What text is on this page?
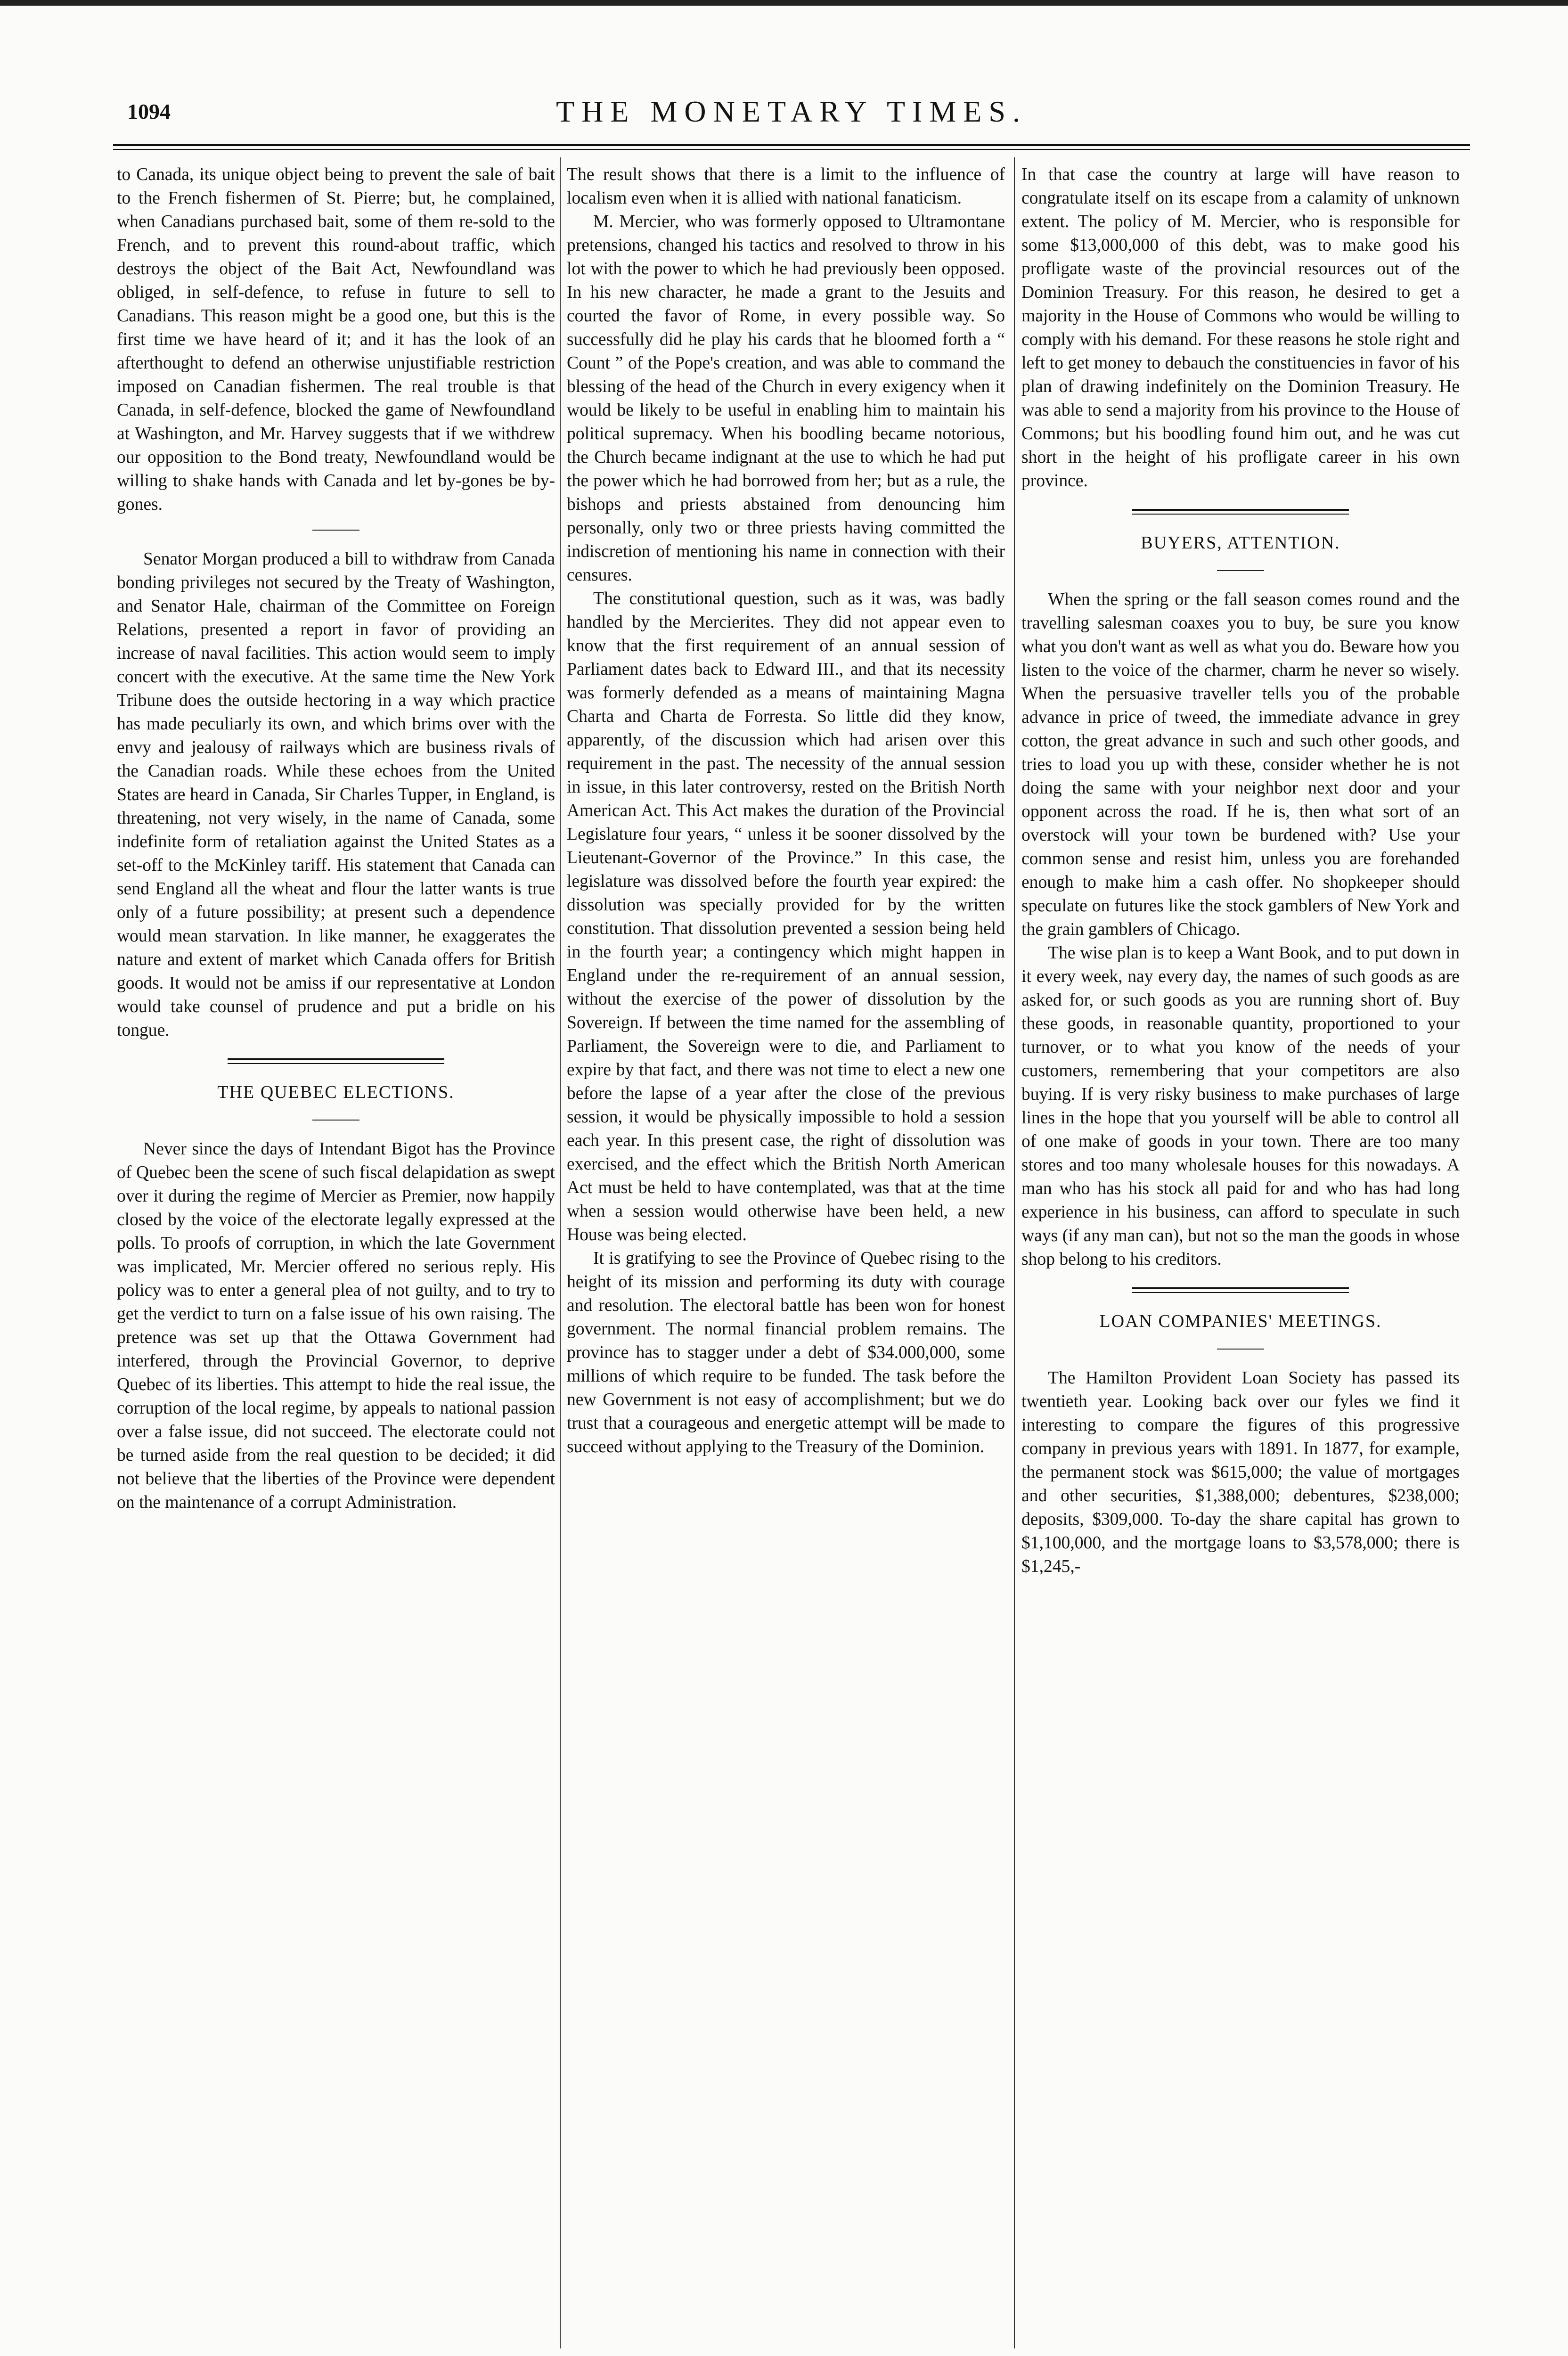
1094	THE MONETARY TIMES.

to Canada, its unique object being to prevent the sale of bait to the French fishermen of St. Pierre; but, he complained, when Canadians purchased bait, some of them re-sold to the French, and to prevent this round-about traffic, which destroys the object of the Bait Act, Newfoundland was obliged, in self-defence, to refuse in future to sell to Canadians. This reason might be a good one, but this is the first time we have heard of it; and it has the look of an afterthought to defend an otherwise unjustifiable restriction imposed on Canadian fishermen. The real trouble is that Canada, in self-defence, blocked the game of Newfoundland at Washington, and Mr. Harvey suggests that if we withdrew our opposition to the Bond treaty, Newfoundland would be willing to shake hands with Canada and let by-gones be by-gones.

Senator Morgan produced a bill to withdraw from Canada bonding privileges not secured by the Treaty of Washington, and Senator Hale, chairman of the Committee on Foreign Relations, presented a report in favor of providing an increase of naval facilities. This action would seem to imply concert with the executive. At the same time the New York Tribune does the outside hectoring in a way which practice has made peculiarly its own, and which brims over with the envy and jealousy of railways which are business rivals of the Canadian roads. While these echoes from the United States are heard in Canada, Sir Charles Tupper, in England, is threatening, not very wisely, in the name of Canada, some indefinite form of retaliation against the United States as a set-off to the McKinley tariff. His statement that Canada can send England all the wheat and flour the latter wants is true only of a future possibility; at present such a dependence would mean starvation. In like manner, he exaggerates the nature and extent of market which Canada offers for British goods. It would not be amiss if our representative at London would take counsel of prudence and put a bridle on his tongue.

THE QUEBEC ELECTIONS.

Never since the days of Intendant Bigot has the Province of Quebec been the scene of such fiscal delapidation as swept over it during the regime of Mercier as Premier, now happily closed by the voice of the electorate legally expressed at the polls. To proofs of corruption, in which the late Government was implicated, Mr. Mercier offered no serious reply. His policy was to enter a general plea of not guilty, and to try to get the verdict to turn on a false issue of his own raising. The pretence was set up that the Ottawa Government had interfered, through the Provincial Governor, to deprive Quebec of its liberties. This attempt to hide the real issue, the corruption of the local regime, by appeals to national passion over a false issue, did not succeed. The electorate could not be turned aside from the real question to be decided; it did not believe that the liberties of the Province were dependent on the maintenance of a corrupt Administration.

The result shows that there is a limit to the influence of localism even when it is allied with national fanaticism.

M. Mercier, who was formerly opposed to Ultramontane pretensions, changed his tactics and resolved to throw in his lot with the power to which he had previously been opposed. In his new character, he made a grant to the Jesuits and courted the favor of Rome, in every possible way. So successfully did he play his cards that he bloomed forth a “ Count ” of the Pope's creation, and was able to command the blessing of the head of the Church in every exigency when it would be likely to be useful in enabling him to maintain his political supremacy. When his boodling became notorious, the Church became indignant at the use to which he had put the power which he had borrowed from her; but as a rule, the bishops and priests abstained from denouncing him personally, only two or three priests having committed the indiscretion of mentioning his name in connection with their censures.

The constitutional question, such as it was, was badly handled by the Mercierites. They did not appear even to know that the first requirement of an annual session of Parliament dates back to Edward III., and that its necessity was formerly defended as a means of maintaining Magna Charta and Charta de Forresta. So little did they know, apparently, of the discussion which had arisen over this requirement in the past. The necessity of the annual session in issue, in this later controversy, rested on the British North American Act. This Act makes the duration of the Provincial Legislature four years, “ unless it be sooner dissolved by the Lieutenant-Governor of the Province.” In this case, the legislature was dissolved before the fourth year expired: the dissolution was specially provided for by the written constitution. That dissolution prevented a session being held in the fourth year; a contingency which might happen in England under the re-requirement of an annual session, without the exercise of the power of dissolution by the Sovereign. If between the time named for the assembling of Parliament, the Sovereign were to die, and Parliament to expire by that fact, and there was not time to elect a new one before the lapse of a year after the close of the previous session, it would be physically impossible to hold a session each year. In this present case, the right of dissolution was exercised, and the effect which the British North American Act must be held to have contemplated, was that at the time when a session would otherwise have been held, a new House was being elected.

It is gratifying to see the Province of Quebec rising to the height of its mission and performing its duty with courage and resolution. The electoral battle has been won for honest government. The normal financial problem remains. The province has to stagger under a debt of $34.000,000, some millions of which require to be funded. The task before the new Government is not easy of accomplishment; but we do trust that a courageous and energetic attempt will be made to succeed without applying to the Treasury of the Dominion.

In that case the country at large will have reason to congratulate itself on its escape from a calamity of unknown extent. The policy of M. Mercier, who is responsible for some $13,000,000 of this debt, was to make good his profligate waste of the provincial resources out of the Dominion Treasury. For this reason, he desired to get a majority in the House of Commons who would be willing to comply with his demand. For these reasons he stole right and left to get money to debauch the constituencies in favor of his plan of drawing indefinitely on the Dominion Treasury. He was able to send a majority from his province to the House of Commons; but his boodling found him out, and he was cut short in the height of his profligate career in his own province.

BUYERS, ATTENTION.

When the spring or the fall season comes round and the travelling salesman coaxes you to buy, be sure you know what you don't want as well as what you do. Beware how you listen to the voice of the charmer, charm he never so wisely. When the persuasive traveller tells you of the probable advance in price of tweed, the immediate advance in grey cotton, the great advance in such and such other goods, and tries to load you up with these, consider whether he is not doing the same with your neighbor next door and your opponent across the road. If he is, then what sort of an overstock will your town be burdened with? Use your common sense and resist him, unless you are forehanded enough to make him a cash offer. No shopkeeper should speculate on futures like the stock gamblers of New York and the grain gamblers of Chicago.

The wise plan is to keep a Want Book, and to put down in it every week, nay every day, the names of such goods as are asked for, or such goods as you are running short of. Buy these goods, in reasonable quantity, proportioned to your turnover, or to what you know of the needs of your customers, remembering that your competitors are also buying. If is very risky business to make purchases of large lines in the hope that you yourself will be able to control all of one make of goods in your town. There are too many stores and too many wholesale houses for this nowadays. A man who has his stock all paid for and who has had long experience in his business, can afford to speculate in such ways (if any man can), but not so the man the goods in whose shop belong to his creditors.

LOAN COMPANIES' MEETINGS.

The Hamilton Provident Loan Society has passed its twentieth year. Looking back over our fyles we find it interesting to compare the figures of this progressive company in previous years with 1891. In 1877, for example, the permanent stock was $615,000; the value of mortgages and other securities, $1,388,000; debentures, $238,000; deposits, $309,000. To-day the share capital has grown to $1,100,000, and the mortgage loans to $3,578,000; there is $1,245,-
